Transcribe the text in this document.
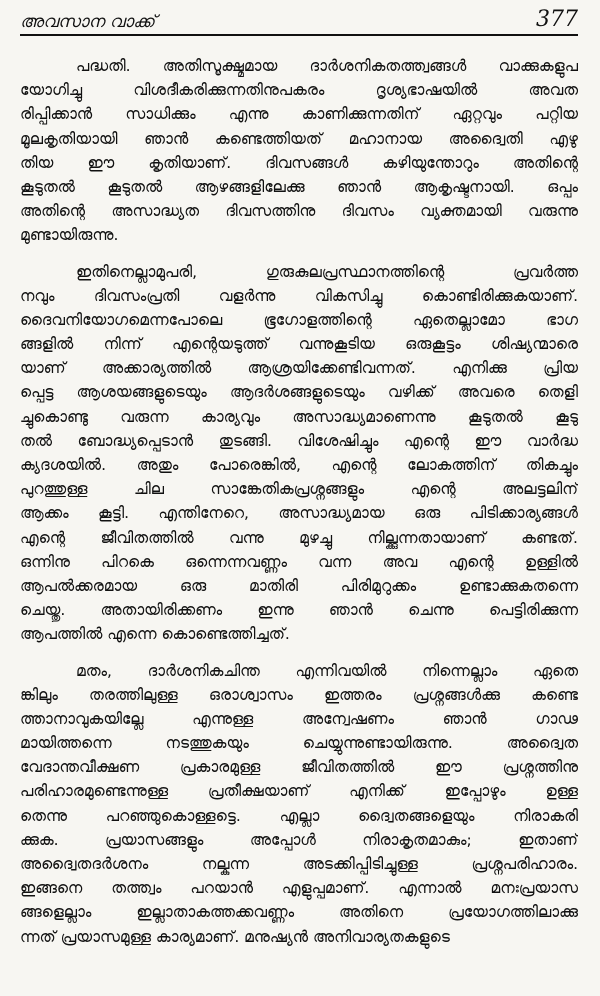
അവസാന വാക്ക്	377
പദ്ധതി. അതിസൂക്ഷ്മമായ ദാർശനികതത്ത്വങ്ങൾ വാക്കുകളുപ
യോഗിച്ചു വിശദീകരിക്കുന്നതിനുപകരം ദൃശ്യഭാഷയിൽ അവത
രിപ്പിക്കാൻ സാധിക്കും എന്നു കാണിക്കുന്നതിന് ഏറ്റവും പറ്റിയ
മൂലകൃതിയായി ഞാൻ കണ്ടെത്തിയത് മഹാനായ അദ്വൈതി എഴു
തിയ ഈ കൃതിയാണ്. ദിവസങ്ങൾ കഴിയുന്തോറും അതിന്റെ
കൂടുതൽ കൂടുതൽ ആഴങ്ങളിലേക്കു ഞാൻ ആകൃഷ്ടനായി. ഒപ്പം
അതിന്റെ അസാദ്ധ്യത ദിവസത്തിനു ദിവസം വ്യക്തമായി വരുന്നു
മുണ്ടായിരുന്നു.
ഇതിനെല്ലാമുപരി, ഗുരുകുലപ്രസ്ഥാനത്തിന്റെ പ്രവർത്ത
നവും ദിവസംപ്രതി വളർന്നു വികസിച്ചു കൊണ്ടിരിക്കുകയാണ്.
ദൈവനിയോഗമെന്നപോലെ ഭൂഗോളത്തിന്റെ ഏതെല്ലാമോ ഭാഗ
ങ്ങളിൽ നിന്ന് എന്റെയടുത്ത് വന്നുകൂടിയ ഒരുകൂട്ടം ശിഷ്യന്മാരെ
യാണ് അക്കാര്യത്തിൽ ആശ്രയിക്കേണ്ടിവന്നത്. എനിക്കു പ്രിയ
പ്പെട്ട ആശയങ്ങളുടെയും ആദർശങ്ങളുടെയും വഴിക്ക് അവരെ തെളി
ച്ചുകൊണ്ടു വരുന്ന കാര്യവും അസാദ്ധ്യമാണെന്നു കൂടുതൽ കൂടു
തൽ ബോദ്ധ്യപ്പെടാൻ തുടങ്ങി. വിശേഷിച്ചും എന്റെ ഈ വാർദ്ധ
ക്യദശയിൽ. അതും പോരെങ്കിൽ, എന്റെ ലോകത്തിന് തികച്ചും
പുറത്തുള്ള ചില സാങ്കേതികപ്രശ്നങ്ങളും എന്റെ അലട്ടലിന്
ആക്കം കൂട്ടി. എന്തിനേറെ, അസാദ്ധ്യമായ ഒരു പിടിക്കാര്യങ്ങൾ
എന്റെ ജീവിതത്തിൽ വന്നു മുഴച്ചു നില്ക്കുന്നതായാണ് കണ്ടത്.
ഒന്നിനു പിറകെ ഒന്നെന്നവണ്ണം വന്ന അവ എന്റെ ഉള്ളിൽ
ആപൽക്കരമായ ഒരു മാതിരി പിരിമുറുക്കം ഉണ്ടാക്കുകതന്നെ
ചെയ്തു. അതായിരിക്കണം ഇന്നു ഞാൻ ചെന്നു പെട്ടിരിക്കുന്ന
ആപത്തിൽ എന്നെ കൊണ്ടെത്തിച്ചത്.
മതം, ദാർശനികചിന്ത എന്നിവയിൽ നിന്നെല്ലാം ഏതെ
ങ്കിലും തരത്തിലുള്ള ഒരാശ്വാസം ഇത്തരം പ്രശ്നങ്ങൾക്കു കണ്ടെ
ത്താനാവുകയില്ലേ എന്നുള്ള അന്വേഷണം ഞാൻ ഗാഢ
മായിത്തന്നെ നടത്തുകയും ചെയ്യുന്നുണ്ടായിരുന്നു. അദ്വൈത
വേദാന്തവീക്ഷണ പ്രകാരമുള്ള ജീവിതത്തിൽ ഈ പ്രശ്നത്തിനു
പരിഹാരമുണ്ടെന്നുള്ള പ്രതീക്ഷയാണ് എനിക്ക് ഇപ്പോഴും ഉള്ള
തെന്നു പറഞ്ഞുകൊള്ളട്ടെ. എല്ലാ ദ്വൈതങ്ങളെയും നിരാകരി
ക്കുക. പ്രയാസങ്ങളും അപ്പോൾ നിരാകൃതമാകും; ഇതാണ്
അദ്വൈതദർശനം നല്കുന്ന അടക്കിപ്പിടിച്ചുള്ള പ്രശ്നപരിഹാരം.
ഇങ്ങനെ തത്ത്വം പറയാൻ എളുപ്പമാണ്. എന്നാൽ മനഃപ്രയാസ
ങ്ങളെല്ലാം ഇല്ലാതാകത്തക്കവണ്ണം അതിനെ പ്രയോഗത്തിലാക്കു
ന്നത് പ്രയാസമുള്ള കാര്യമാണ്. മനുഷ്യൻ അനിവാര്യതകളുടെ
